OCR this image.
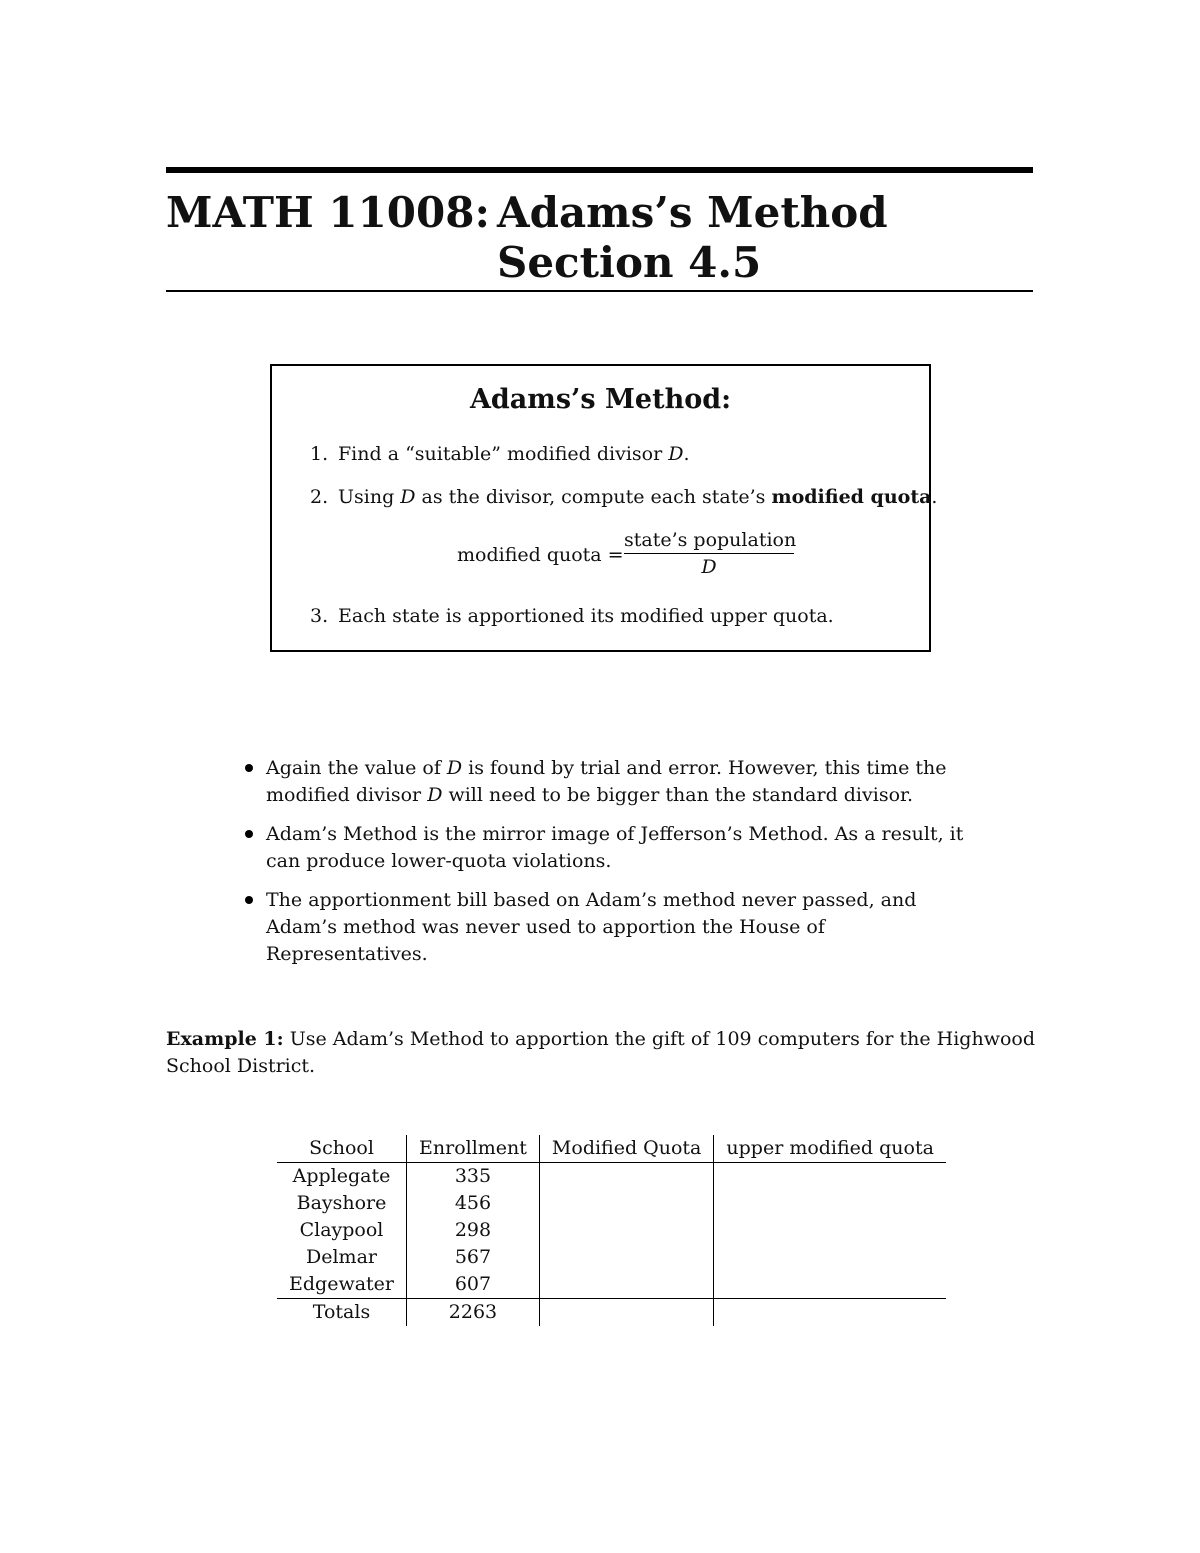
MATH 11008: Adams’s Method
Section 4.5
Adams’s Method:
1. Find a “suitable” modified divisor D.
2. Using D as the divisor, compute each state’s modified quota.
modified quota =
state’s population
D
3. Each state is apportioned its modified upper quota.
Again the value of D is found by trial and error. However, this time the modified divisor D will need to be bigger than the standard divisor.
Adam’s Method is the mirror image of Jefferson’s Method. As a result, it can produce lower-quota violations.
The apportionment bill based on Adam’s method never passed, and Adam’s method was never used to apportion the House of Representatives.
Example 1: Use Adam’s Method to apportion the gift of 109 computers for the Highwood School District.
School	Enrollment	Modified Quota	upper modified quota
Applegate	335		
Bayshore	456		
Claypool	298		
Delmar	567		
Edgewater	607		
Totals	2263		
